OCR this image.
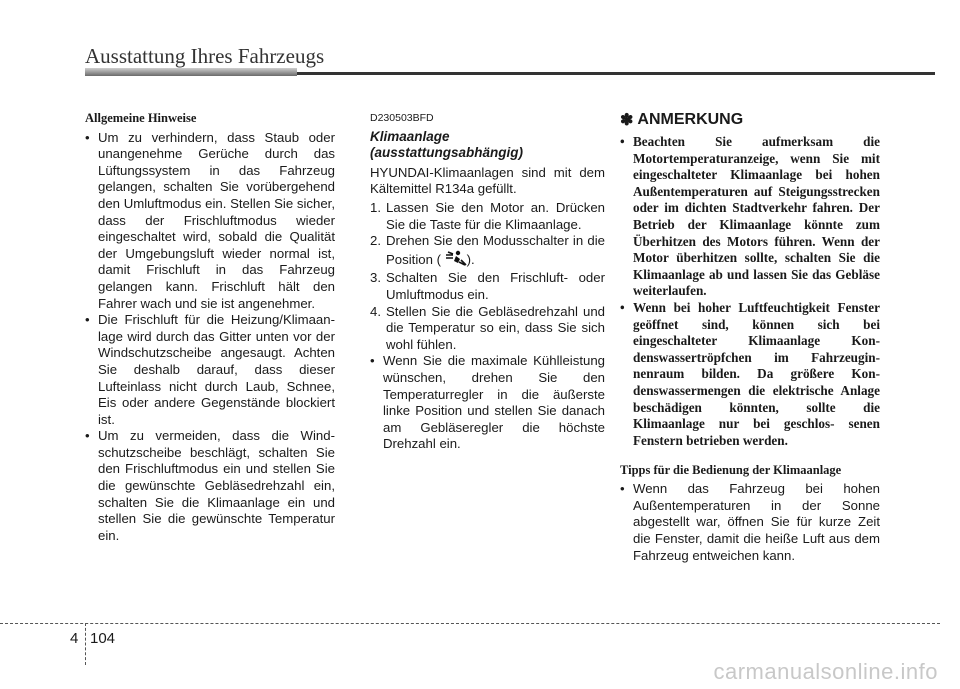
Ausstattung Ihres Fahrzeugs
Allgemeine Hinweise
• Um zu verhindern, dass Staub oder unangenehme Gerüche durch das Lüftungssystem in das Fahrzeug gelangen, schalten Sie vorübergehend den Umluftmodus ein. Stellen Sie sicher, dass der Frischluftmodus wieder eingeschaltet wird, sobald die Qualität der Umgebungsluft wieder normal ist, damit Frischluft in das Fahrzeug gelangen kann. Frischluft hält den Fahrer wach und sie ist angenehmer.
• Die Frischluft für die Heizung/Klimaan- lage wird durch das Gitter unten vor der Windschutzscheibe angesaugt. Achten Sie deshalb darauf, dass dieser Lufteinlass nicht durch Laub, Schnee, Eis oder andere Gegenstände blockiert ist.
• Um zu vermeiden, dass die Wind- schutzscheibe beschlägt, schalten Sie den Frischluftmodus ein und stellen Sie die gewünschte Gebläsedrehzahl ein, schalten Sie die Klimaanlage ein und stellen Sie die gewünschte Temperatur ein.
D230503BFD
Klimaanlage (ausstattungsabhängig)

HYUNDAI-Klimaanlagen sind mit dem Kältemittel R134a gefüllt.

1. Lassen Sie den Motor an. Drücken Sie die Taste für die Klimaanlage.
2. Drehen Sie den Modusschalter in die Position ( ).
3. Schalten Sie den Frischluft- oder Umluftmodus ein.
4. Stellen Sie die Gebläsedrehzahl und die Temperatur so ein, dass Sie sich wohl fühlen.
• Wenn Sie die maximale Kühlleistung wünschen, drehen Sie den Temperaturregler in die äußerste linke Position und stellen Sie danach am Gebläseregler die höchste Drehzahl ein.
✽ ANMERKUNG
• Beachten Sie aufmerksam die Motortemperaturanzeige, wenn Sie mit eingeschalteter Klimaanlage bei hohen Außentemperaturen auf Steigungsstrecken oder im dichten Stadtverkehr fahren. Der Betrieb der Klimaanlage könnte zum Überhitzen des Motors führen. Wenn der Motor überhitzen sollte, schalten Sie die Klimaanlage ab und lassen Sie das Gebläse weiterlaufen.
• Wenn bei hoher Luftfeuchtigkeit Fenster geöffnet sind, können sich bei eingeschalteter Klimaanlage Kon- denswassertröpfchen im Fahrzeugin- nenraum bilden. Da größere Kon- denswassermengen die elektrische Anlage beschädigen könnten, sollte die Klimaanlage nur bei geschlos- senen Fenstern betrieben werden.
Tipps für die Bedienung der Klimaanlage
• Wenn das Fahrzeug bei hohen Außentemperaturen in der Sonne abgestellt war, öffnen Sie für kurze Zeit die Fenster, damit die heiße Luft aus dem Fahrzeug entweichen kann.
4 104
carmanualsonline.info
